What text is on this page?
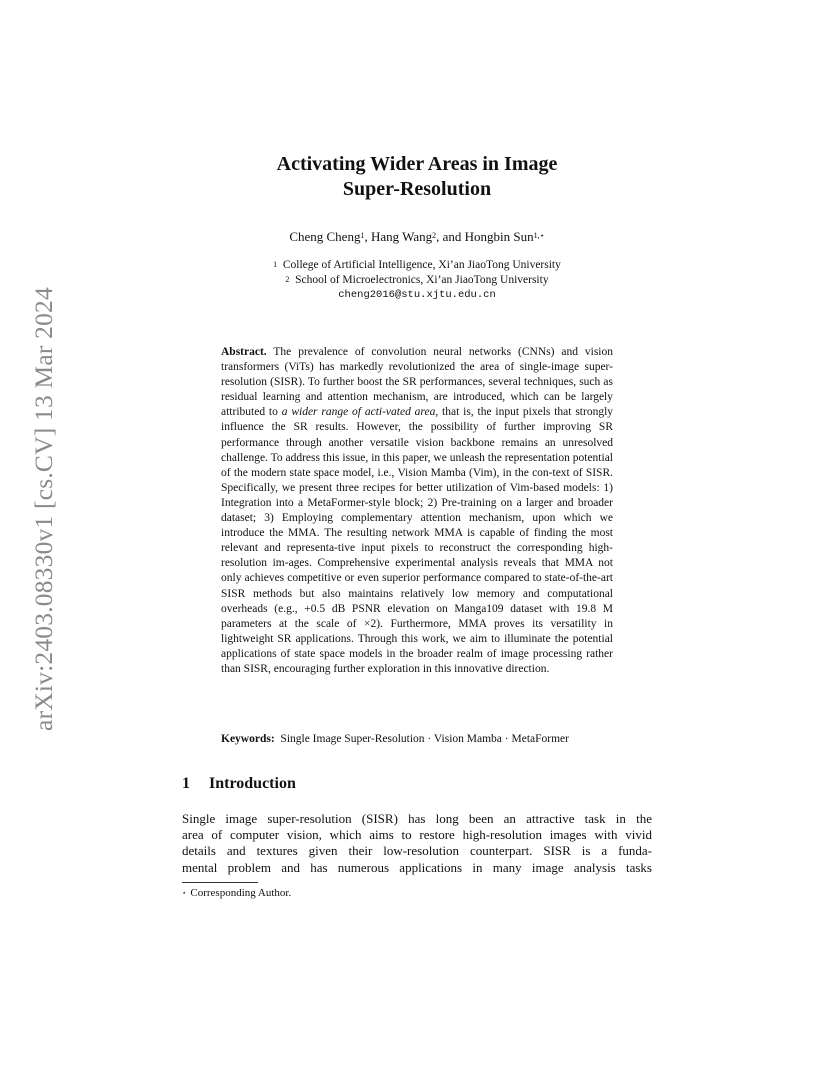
arXiv:2403.08330v1 [cs.CV] 13 Mar 2024
Activating Wider Areas in Image
Super-Resolution
Cheng Cheng$^1$, Hang Wang$^2$, and Hongbin Sun$^{1,⋆}$
$^1$ College of Artificial Intelligence, Xi’an JiaoTong University
$^2$ School of Microelectronics, Xi’an JiaoTong University
cheng2016@stu.xjtu.edu.cn
Abstract. The prevalence of convolution neural networks (CNNs) and vision transformers (ViTs) has markedly revolutionized the area of single-image super-resolution (SISR). To further boost the SR performances, several techniques, such as residual learning and attention mechanism, are introduced, which can be largely attributed to a wider range of acti-vated area, that is, the input pixels that strongly influence the SR results. However, the possibility of further improving SR performance through another versatile vision backbone remains an unresolved challenge. To address this issue, in this paper, we unleash the representation potential of the modern state space model, i.e., Vision Mamba (Vim), in the con-text of SISR. Specifically, we present three recipes for better utilization of Vim-based models: 1) Integration into a MetaFormer-style block; 2) Pre-training on a larger and broader dataset; 3) Employing complementary attention mechanism, upon which we introduce the MMA. The resulting network MMA is capable of finding the most relevant and representa-tive input pixels to reconstruct the corresponding high-resolution im-ages. Comprehensive experimental analysis reveals that MMA not only achieves competitive or even superior performance compared to state-of-the-art SISR methods but also maintains relatively low memory and computational overheads (e.g., +0.5 dB PSNR elevation on Manga109 dataset with 19.8 M parameters at the scale of ×2). Furthermore, MMA proves its versatility in lightweight SR applications. Through this work, we aim to illuminate the potential applications of state space models in the broader realm of image processing rather than SISR, encouraging further exploration in this innovative direction.
Keywords: Single Image Super-Resolution · Vision Mamba · MetaFormer
1 Introduction
Single image super-resolution (SISR) has long been an attractive task in the
area of computer vision, which aims to restore high-resolution images with vivid
details and textures given their low-resolution counterpart. SISR is a funda-
mental problem and has numerous applications in many image analysis tasks
⋆ Corresponding Author.
